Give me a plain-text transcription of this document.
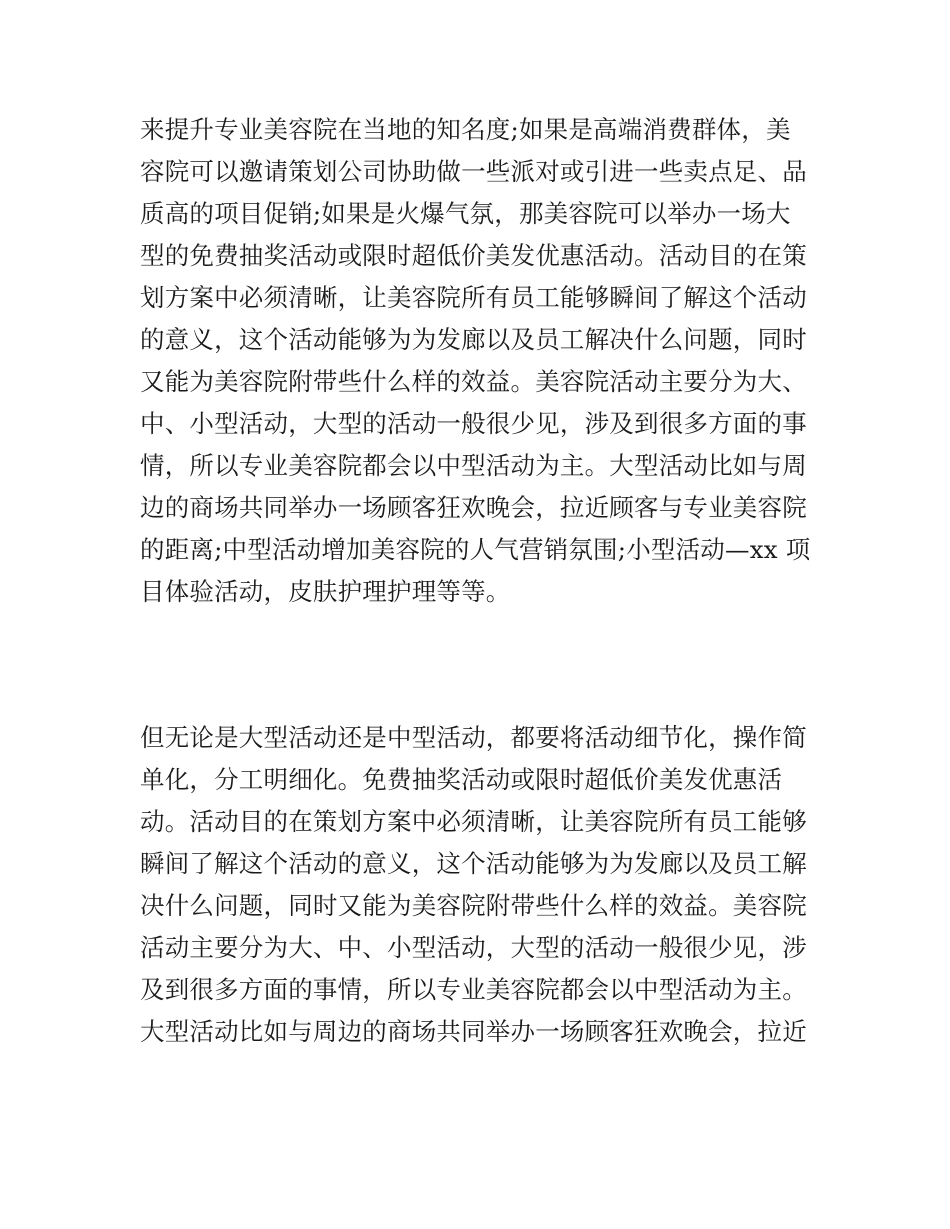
来提升专业美容院在当地的知名度;如果是高端消费群体，美
容院可以邀请策划公司协助做一些派对或引进一些卖点足、品
质高的项目促销;如果是火爆气氛，那美容院可以举办一场大
型的免费抽奖活动或限时超低价美发优惠活动。活动目的在策
划方案中必须清晰，让美容院所有员工能够瞬间了解这个活动
的意义，这个活动能够为为发廊以及员工解决什么问题，同时
又能为美容院附带些什么样的效益。美容院活动主要分为大、
中、小型活动，大型的活动一般很少见，涉及到很多方面的事
情，所以专业美容院都会以中型活动为主。大型活动比如与周
边的商场共同举办一场顾客狂欢晚会，拉近顾客与专业美容院
的距离;中型活动增加美容院的人气营销氛围;小型活动—xx 项
目体验活动，皮肤护理护理等等。
但无论是大型活动还是中型活动，都要将活动细节化，操作简
单化，分工明细化。免费抽奖活动或限时超低价美发优惠活
动。活动目的在策划方案中必须清晰，让美容院所有员工能够
瞬间了解这个活动的意义，这个活动能够为为发廊以及员工解
决什么问题，同时又能为美容院附带些什么样的效益。美容院
活动主要分为大、中、小型活动，大型的活动一般很少见，涉
及到很多方面的事情，所以专业美容院都会以中型活动为主。
大型活动比如与周边的商场共同举办一场顾客狂欢晚会，拉近
